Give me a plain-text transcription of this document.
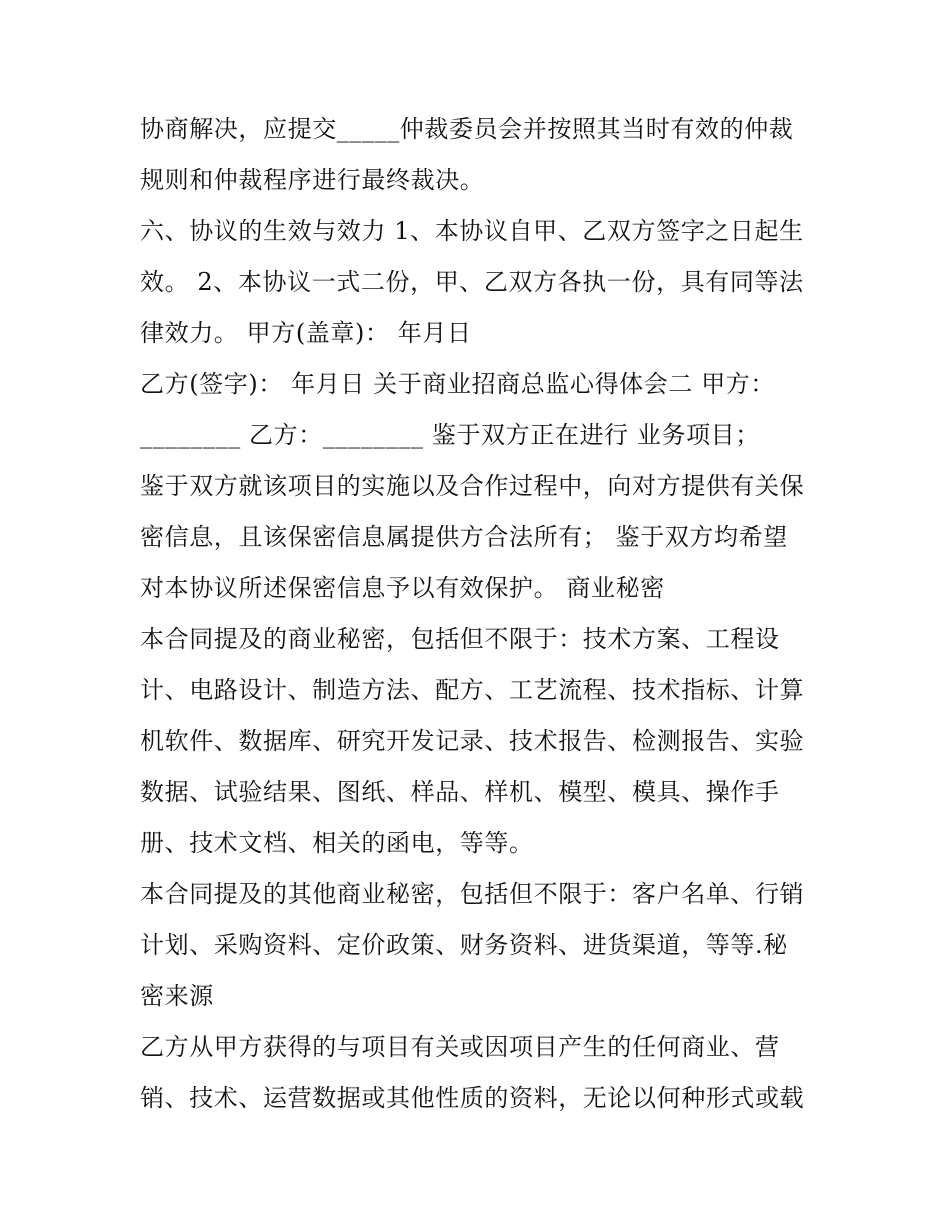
协商解决，应提交_____仲裁委员会并按照其当时有效的仲裁
规则和仲裁程序进行最终裁决。
六、协议的生效与效力 1、本协议自甲、乙双方签字之日起生
效。 2、本协议一式二份，甲、乙双方各执一份，具有同等法
律效力。 甲方(盖章)： 年月日
乙方(签字)： 年月日 关于商业招商总监心得体会二 甲方：
________ 乙方：________ 鉴于双方正在进行 业务项目；
鉴于双方就该项目的实施以及合作过程中，向对方提供有关保
密信息，且该保密信息属提供方合法所有； 鉴于双方均希望
对本协议所述保密信息予以有效保护。 商业秘密
本合同提及的商业秘密，包括但不限于：技术方案、工程设
计、电路设计、制造方法、配方、工艺流程、技术指标、计算
机软件、数据库、研究开发记录、技术报告、检测报告、实验
数据、试验结果、图纸、样品、样机、模型、模具、操作手
册、技术文档、相关的函电，等等。
本合同提及的其他商业秘密，包括但不限于：客户名单、行销
计划、采购资料、定价政策、财务资料、进货渠道，等等.秘
密来源
乙方从甲方获得的与项目有关或因项目产生的任何商业、营
销、技术、运营数据或其他性质的资料，无论以何种形式或载
